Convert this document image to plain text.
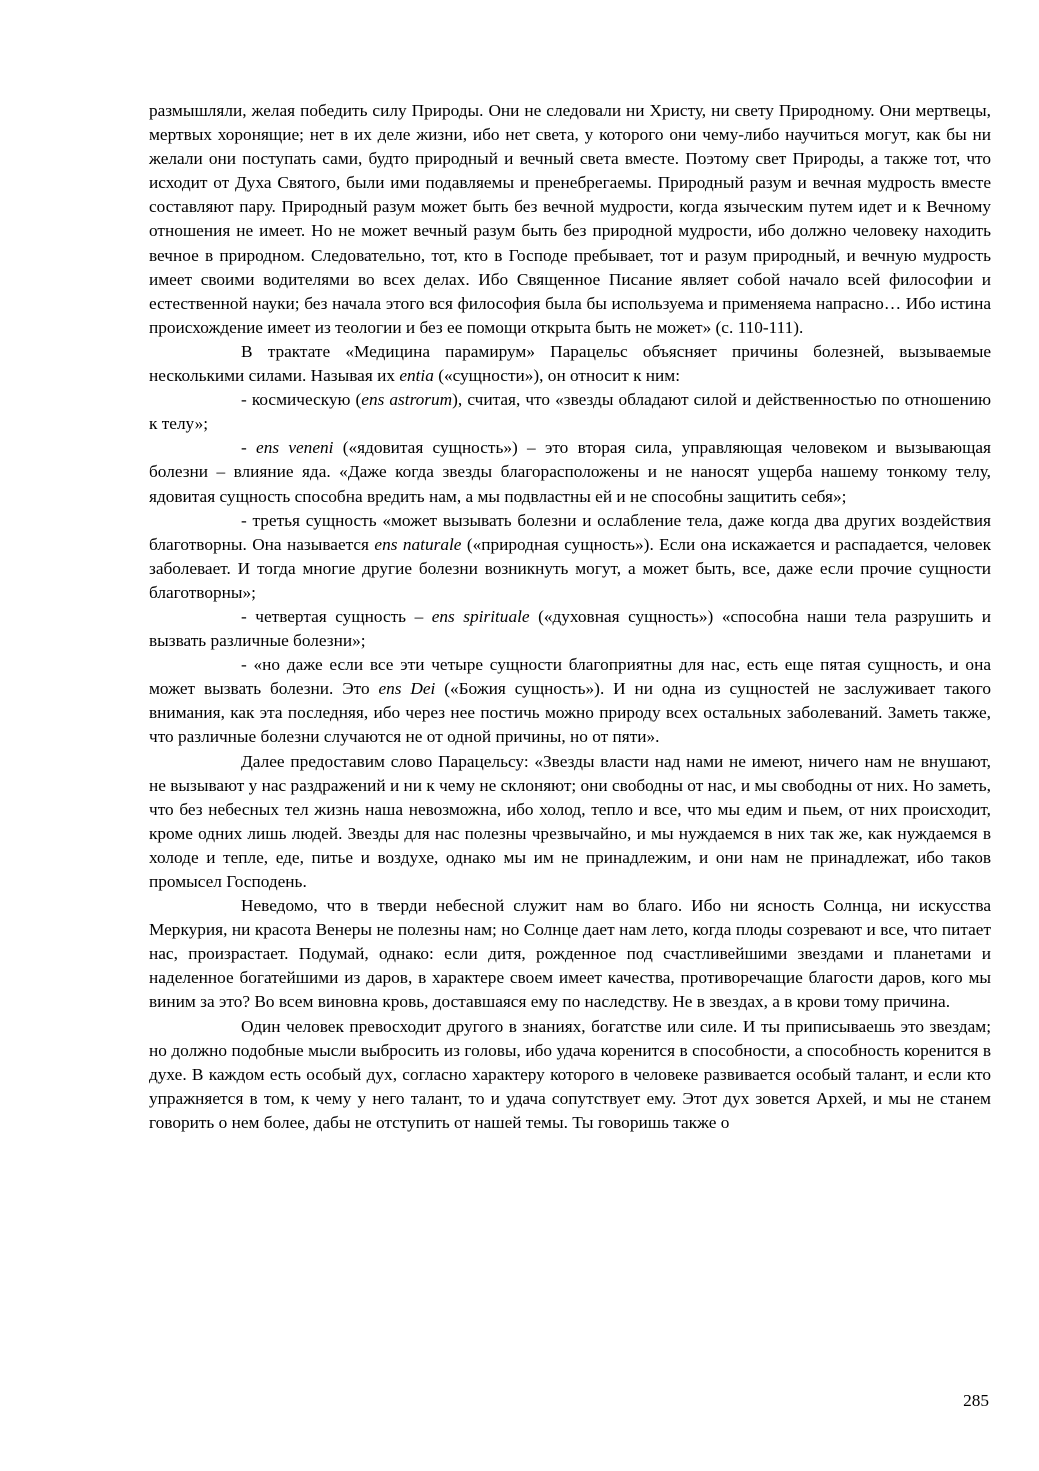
размышляли, желая победить силу Природы. Они не следовали ни Христу, ни свету Природному. Они мертвецы, мертвых хоронящие; нет в их деле жизни, ибо нет света, у которого они чему-либо научиться могут, как бы ни желали они поступать сами, будто природный и вечный света вместе. Поэтому свет Природы, а также тот, что исходит от Духа Святого, были ими подавляемы и пренебрегаемы. Природный разум и вечная мудрость вместе составляют пару. Природный разум может быть без вечной мудрости, когда языческим путем идет и к Вечному отношения не имеет. Но не может вечный разум быть без природной мудрости, ибо должно человеку находить вечное в природном. Следовательно, тот, кто в Господе пребывает, тот и разум природный, и вечную мудрость имеет своими водителями во всех делах. Ибо Священное Писание являет собой начало всей философии и естественной науки; без начала этого вся философия была бы используема и применяема напрасно… Ибо истина происхождение имеет из теологии и без ее помощи открыта быть не может» (с. 110-111).

В трактате «Медицина парамирум» Парацельс объясняет причины болезней, вызываемые несколькими силами. Называя их entia («сущности»), он относит к ним:

- космическую (ens astrorum), считая, что «звезды обладают силой и действенностью по отношению к телу»;

- ens veneni («ядовитая сущность») – это вторая сила, управляющая человеком и вызывающая болезни – влияние яда. «Даже когда звезды благорасположены и не наносят ущерба нашему тонкому телу, ядовитая сущность способна вредить нам, а мы подвластны ей и не способны защитить себя»;

- третья сущность «может вызывать болезни и ослабление тела, даже когда два других воздействия благотворны. Она называется ens naturale («природная сущность»). Если она искажается и распадается, человек заболевает. И тогда многие другие болезни возникнуть могут, а может быть, все, даже если прочие сущности благотворны»;

- четвертая сущность – ens spirituale («духовная сущность») «способна наши тела разрушить и вызвать различные болезни»;

- «но даже если все эти четыре сущности благоприятны для нас, есть еще пятая сущность, и она может вызвать болезни. Это ens Dei («Божия сущность»). И ни одна из сущностей не заслуживает такого внимания, как эта последняя, ибо через нее постичь можно природу всех остальных заболеваний. Заметь также, что различные болезни случаются не от одной причины, но от пяти».

Далее предоставим слово Парацельсу: «Звезды власти над нами не имеют, ничего нам не внушают, не вызывают у нас раздражений и ни к чему не склоняют; они свободны от нас, и мы свободны от них. Но заметь, что без небесных тел жизнь наша невозможна, ибо холод, тепло и все, что мы едим и пьем, от них происходит, кроме одних лишь людей. Звезды для нас полезны чрезвычайно, и мы нуждаемся в них так же, как нуждаемся в холоде и тепле, еде, питье и воздухе, однако мы им не принадлежим, и они нам не принадлежат, ибо таков промысел Господень.

Неведомо, что в тверди небесной служит нам во благо. Ибо ни ясность Солнца, ни искусства Меркурия, ни красота Венеры не полезны нам; но Солнце дает нам лето, когда плоды созревают и все, что питает нас, произрастает. Подумай, однако: если дитя, рожденное под счастливейшими звездами и планетами и наделенное богатейшими из даров, в характере своем имеет качества, противоречащие благости даров, кого мы виним за это? Во всем виновна кровь, доставшаяся ему по наследству. Не в звездах, а в крови тому причина.

Один человек превосходит другого в знаниях, богатстве или силе. И ты приписываешь это звездам; но должно подобные мысли выбросить из головы, ибо удача коренится в способности, а способность коренится в духе. В каждом есть особый дух, согласно характеру которого в человеке развивается особый талант, и если кто упражняется в том, к чему у него талант, то и удача сопутствует ему. Этот дух зовется Архей, и мы не станем говорить о нем более, дабы не отступить от нашей темы. Ты говоришь также о

285
